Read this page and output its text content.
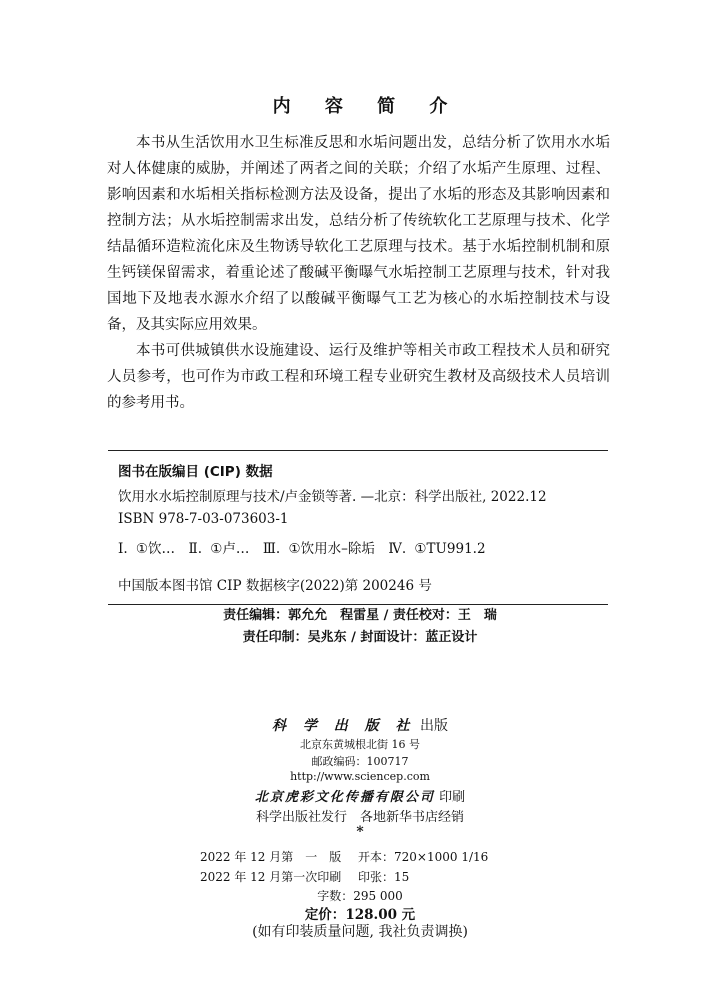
内 容 简 介

本书从生活饮用水卫生标准反思和水垢问题出发，总结分析了饮用水水垢对人体健康的威胁，并阐述了两者之间的关联；介绍了水垢产生原理、过程、影响因素和水垢相关指标检测方法及设备，提出了水垢的形态及其影响因素和控制方法；从水垢控制需求出发，总结分析了传统软化工艺原理与技术、化学结晶循环造粒流化床及生物诱导软化工艺原理与技术。基于水垢控制机制和原生钙镁保留需求，着重论述了酸碱平衡曝气水垢控制工艺原理与技术，针对我国地下及地表水源水介绍了以酸碱平衡曝气工艺为核心的水垢控制技术与设备，及其实际应用效果。

本书可供城镇供水设施建设、运行及维护等相关市政工程技术人员和研究人员参考，也可作为市政工程和环境工程专业研究生教材及高级技术人员培训的参考用书。

图书在版编目 (CIP) 数据
饮用水水垢控制原理与技术/卢金锁等著. —北京：科学出版社, 2022.12
ISBN 978-7-03-073603-1
Ⅰ. ①饮…　Ⅱ. ①卢…　Ⅲ. ①饮用水–除垢　Ⅳ. ①TU991.2
中国版本图书馆 CIP 数据核字(2022)第 200246 号
责任编辑：郭允允　程雷星 / 责任校对：王　瑞
责任印制：吴兆东 / 封面设计：蓝正设计
科 学 出 版 社 出版
北京东黄城根北街 16 号
邮政编码：100717
http://www.sciencep.com
北京虎彩文化传播有限公司 印刷
科学出版社发行　各地新华书店经销
*
2022 年 12 月第　一　版 开本：720×1000 1/16
2022 年 12 月第一次印刷 印张：15
字数：295 000
定价：128.00 元
(如有印装质量问题, 我社负责调换)
